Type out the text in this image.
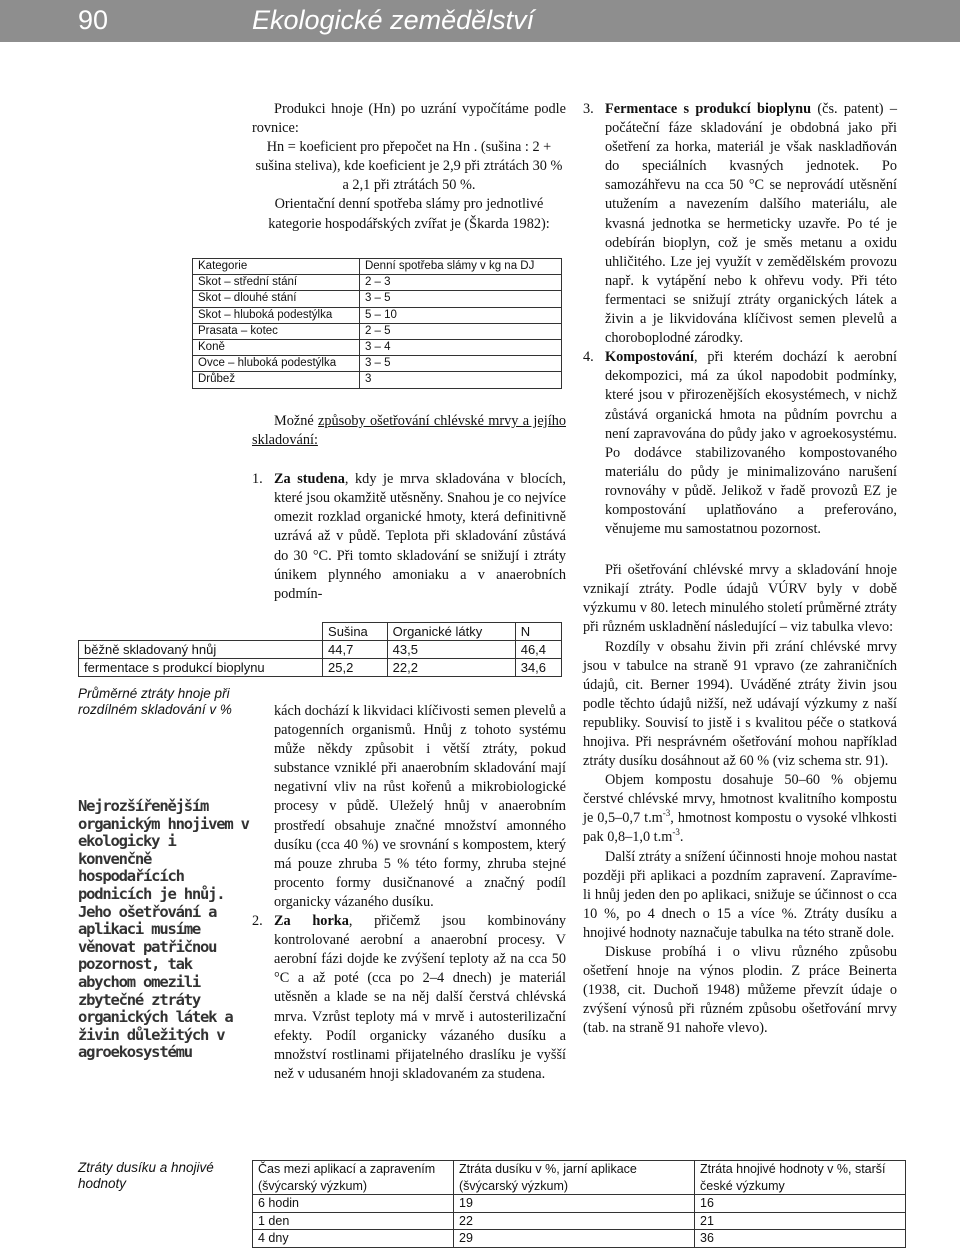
90	Ekologické zemědělství

Produkci hnoje (Hn) po uzrání vypočítáme podle rovnice:

Hn = koeficient pro přepočet na Hn . (sušina : 2 + sušina steliva), kde koeficient je 2,9 při ztrátách 30 % a 2,1 při ztrátách 50 %.

Orientační denní spotřeba slámy pro jednotlivé kategorie hospodářských zvířat je (Škarda 1982):

Kategorie	Denní spotřeba slámy v kg na DJ
Skot – střední stání	2 – 3
Skot – dlouhé stání	3 – 5
Skot – hluboká podestýlka	5 – 10
Prasata – kotec	2 – 5
Koně	3 – 4
Ovce – hluboká podestýlka	3 – 5
Drůbež	3

Možné způsoby ošetřování chlévské mrvy a jejího skladování:

1. Za studena, kdy je mrva skladována v blocích, které jsou okamžitě utěsněny. Snahou je co nejvíce omezit rozklad organické hmoty, která definitivně uzrává až v půdě. Teplota při skladování zůstává do 30 °C. Při tomto skladování se snižují i ztráty únikem plynného amoniaku a v anaerobních podmín-
	Sušina	Organické látky	N
běžně skladovaný hnůj	44,7	43,5	46,4
fermentace s produkcí bioplynu	25,2	22,2	34,6
kách dochází k likvidaci klíčivosti semen plevelů a patogenních organismů. Hnůj z tohoto systému může někdy způsobit i větší ztráty, pokud substance vzniklé při anaerobním skladování mají negativní vliv na růst kořenů a mikrobiologické procesy v půdě. Uleželý hnůj v anaerobním prostředí obsahuje značné množství amonného dusíku (cca 40 %) ve srovnání s kompostem, který má pouze zhruba 5 % této formy, zhruba stejné procento formy dusičnanové a značný podíl organicky vázaného dusíku.
2. Za horka, přičemž jsou kombinovány kontrolované aerobní a anaerobní procesy. V aerobní fázi dojde ke zvýšení teploty až na cca 50 °C a až poté (cca po 2–4 dnech) je materiál utěsněn a klade se na něj další čerstvá chlévská mrva. Vzrůst teploty má v mrvě i autosterilizační efekty. Podíl organicky vázaného dusíku a množství rostlinami přijatelného draslíku je vyšší než v udusaném hnoji skladovaném za studena.
3. Fermentace s produkcí bioplynu (čs. patent) – počáteční fáze skladování je obdobná jako při ošetření za horka, materiál je však naskladňován do speciálních kvasných jednotek. Po samozáhřevu na cca 50 °C se neprovádí utěsnění utužením a navezením dalšího materiálu, ale kvasná jednotka se hermeticky uzavře. Po té je odebírán bioplyn, což je směs metanu a oxidu uhličitého. Lze jej využít v zemědělském provozu např. k vytápění nebo k ohřevu vody. Při této fermentaci se snižují ztráty organických látek a živin a je likvidována klíčivost semen plevelů a choroboplodné zárodky.
4. Kompostování, při kterém dochází k aerobní dekompozici, má za úkol napodobit podmínky, které jsou v přirozenějších ekosystémech, v nichž zůstává organická hmota na půdním povrchu a není zapravována do půdy jako v agroekosystému. Po dodávce stabilizovaného kompostovaného materiálu do půdy je minimalizováno narušení rovnováhy v půdě. Jelikož v řadě provozů EZ je kompostování uplatňováno a preferováno, věnujeme mu samostatnou pozornost.

Při ošetřování chlévské mrvy a skladování hnoje vznikají ztráty. Podle údajů VÚRV byly v době výzkumu v 80. letech minulého století průměrné ztráty při různém uskladnění následující – viz tabulka vlevo:

Rozdíly v obsahu živin při zrání chlévské mrvy jsou v tabulce na straně 91 vpravo (ze zahraničních údajů, cit. Berner 1994). Uváděné ztráty živin jsou podle těchto údajů nižší, než udávají výzkumy z naší republiky. Souvisí to jistě i s kvalitou péče o statková hnojiva. Při nesprávném ošetřování mohou například ztráty dusíku dosáhnout až 60 % (viz schema str. 91).

Objem kompostu dosahuje 50–60 % objemu čerstvé chlévské mrvy, hmotnost kvalitního kompostu je 0,5–0,7 $t.m^{-3}$, hmotnost kompostu o vysoké vlhkosti pak 0,8–1,0 $t.m^{-3}$.

Další ztráty a snížení účinnosti hnoje mohou nastat později při aplikaci a pozdním zapravení. Zapravíme-li hnůj jeden den po aplikaci, snižuje se účinnost o cca 10 %, po 4 dnech o 15 a více %. Ztráty dusíku a hnojivé hodnoty naznačuje tabulka na této straně dole.

Diskuse probíhá i o vlivu různého způsobu ošetření hnoje na výnos plodin. Z práce Beinerta (1938, cit. Duchoň 1948) můžeme převzít údaje o zvýšení výnosů při různém způsobu ošetřování mrvy (tab. na straně 91 nahoře vlevo).

Průměrné ztráty hnoje při rozdílném skladování v %
Nejrozšířenějším organickým hnojivem v ekologicky i konvenčně hospodařících podnicích je hnůj. Jeho ošetřování a aplikaci musíme věnovat patřičnou pozornost, tak abychom omezili zbytečné ztráty organických látek a živin důležitých v agroekosystému
Ztráty dusíku a hnojivé hodnoty
Čas mezi aplikací a zapravením (švýcarský výzkum)	Ztráta dusíku v %, jarní aplikace (švýcarský výzkum)	Ztráta hnojivé hodnoty v %, starší české výzkumy
6 hodin	19	16
1 den	22	21
4 dny	29	36
